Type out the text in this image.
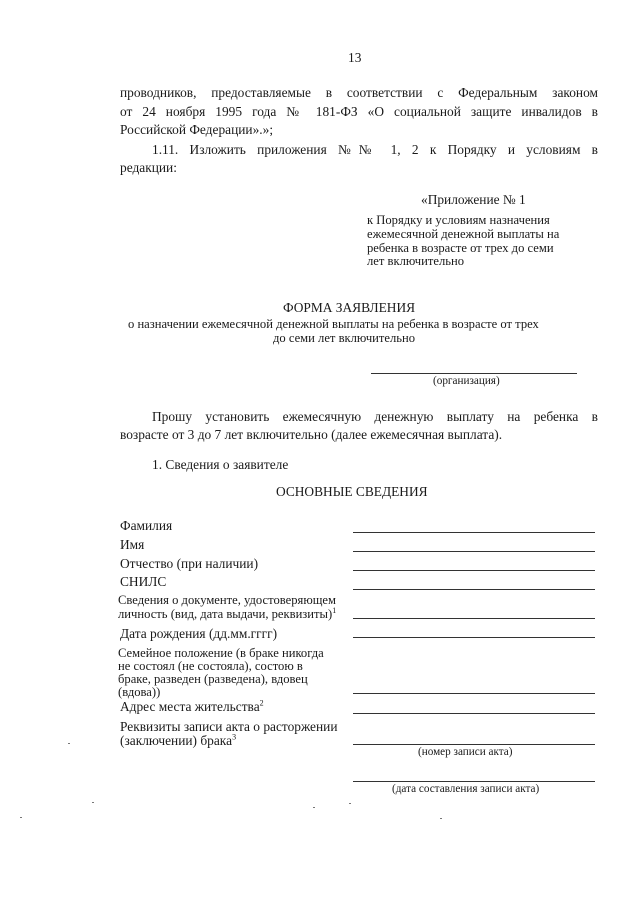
13
проводников, предоставляемые в соответствии с Федеральным законом
от 24 ноября 1995 года № 181-ФЗ «О социальной защите инвалидов в
Российской Федерации».»;
1.11. Изложить приложения №№ 1, 2 к Порядку и условиям в
редакции:
«Приложение № 1
к Порядку и условиям назначения
ежемесячной денежной выплаты на
ребенка в возрасте от трех до семи
лет включительно
ФОРМА ЗАЯВЛЕНИЯ
о назначении ежемесячной денежной выплаты на ребенка в возрасте от трех
до семи лет включительно
(организация)
Прошу установить ежемесячную денежную выплату на ребенка в
возрасте от 3 до 7 лет включительно (далее ежемесячная выплата).
1. Сведения о заявителе
ОСНОВНЫЕ СВЕДЕНИЯ
Фамилия
Имя
Отчество (при наличии)
СНИЛС
Сведения о документе, удостоверяющем
личность (вид, дата выдачи, реквизиты)$^1$
Дата рождения (дд.мм.гггг)
Семейное положение (в браке никогда
не состоял (не состояла), состою в
браке, разведен (разведена), вдовец
(вдова))
Адрес места жительства$^2$
Реквизиты записи акта о расторжении
(заключении) брака$^3$
(номер записи акта)
(дата составления записи акта)
